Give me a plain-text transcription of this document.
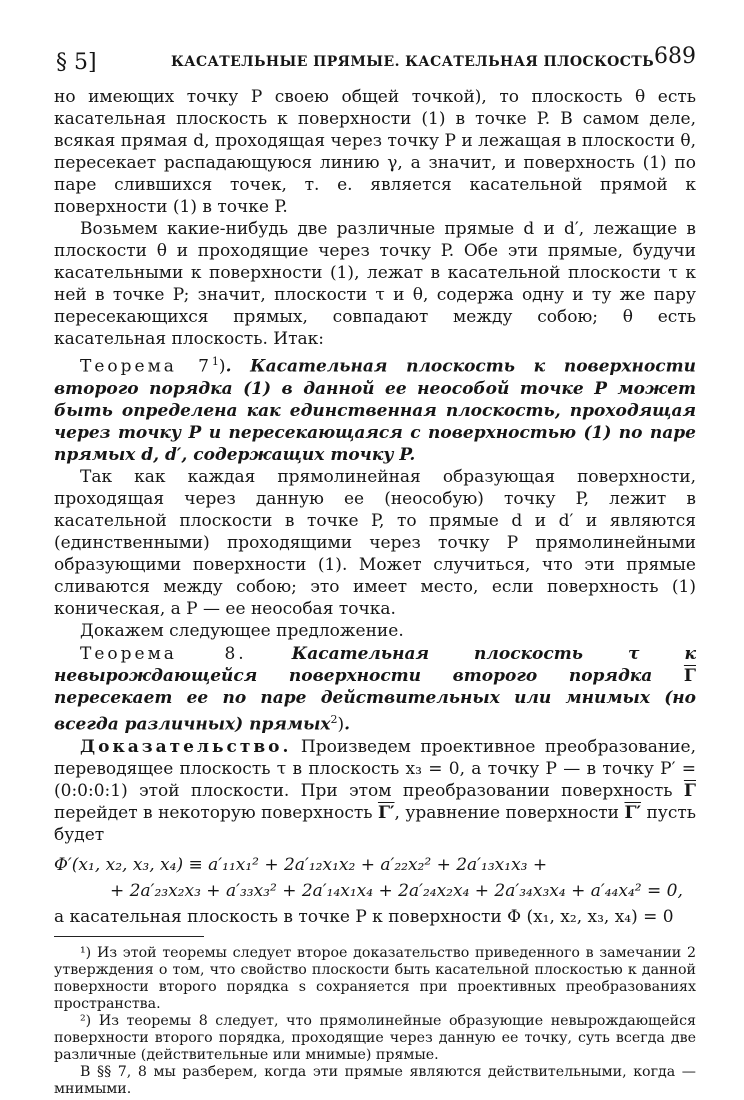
§ 5]	КАСАТЕЛЬНЫЕ ПРЯМЫЕ. КАСАТЕЛЬНАЯ ПЛОСКОСТЬ 689

но имеющих точку P своею общей точкой), то плоскость θ есть касательная плоскость к поверхности (1) в точке P. В самом деле, всякая прямая d, проходящая через точку P и лежащая в плоскости θ, пересекает распадающуюся линию γ, а значит, и поверхность (1) по паре слившихся точек, т. е. является касательной прямой к поверхности (1) в точке P.

Возьмем какие-нибудь две различные прямые d и d′, лежащие в плоскости θ и проходящие через точку P. Обе эти прямые, будучи касательными к поверхности (1), лежат в касательной плоскости τ к ней в точке P; значит, плоскости τ и θ, содержа одну и ту же пару пересекающихся прямых, совпадают между собою; θ есть касательная плоскость. Итак:

Теорема $7^1$). Касательная плоскость к поверхности второго порядка (1) в данной ее неособой точке P может быть определена как единственная плоскость, проходящая через точку P и пересекающаяся с поверхностью (1) по паре прямых d, d′, содержащих точку P.

Так как каждая прямолинейная образующая поверхности, проходящая через данную ее (неособую) точку P, лежит в касательной плоскости в точке P, то прямые d и d′ и являются (единственными) проходящими через точку P прямолинейными образующими поверхности (1). Может случиться, что эти прямые сливаются между собою; это имеет место, если поверхность (1) коническая, а P — ее неособая точка.

Докажем следующее предложение.

Теорема 8. Касательная плоскость τ к невырождающейся поверхности второго порядка $\overline{\Gamma}$ пересекает ее по паре действительных или мнимых (но всегда различных) прямых$^2$).

Доказательство. Произведем проективное преобразование, переводящее плоскость τ в плоскость x₃ = 0, а точку P — в точку P′ = (0:0:0:1) этой плоскости. При этом преобразовании поверхность $\overline{\Gamma}$ перейдет в некоторую поверхность Γ′, уравнение поверхности Γ′ пусть будет

Φ′(x₁, x₂, x₃, x₄) ≡ a′₁₁x₁² + 2a′₁₂x₁x₂ + a′₂₂x₂² + 2a′₁₃x₁x₃ +
+ 2a′₂₃x₂x₃ + a′₃₃x₃² + 2a′₁₄x₁x₄ + 2a′₂₄x₂x₄ + 2a′₃₄x₃x₄ + a′₄₄x₄² = 0,
а касательная плоскость в точке P к поверхности Φ (x₁, x₂, x₃, x₄) = 0

¹) Из этой теоремы следует второе доказательство приведенного в замечании 2 утверждения о том, что свойство плоскости быть касательной плоскостью к данной поверхности второго порядка s сохраняется при проективных преобразованиях пространства.

²) Из теоремы 8 следует, что прямолинейные образующие невырождающейся поверхности второго порядка, проходящие через данную ее точку, суть всегда две различные (действительные или мнимые) прямые.

В §§ 7, 8 мы разберем, когда эти прямые являются действительными, когда — мнимыми.
